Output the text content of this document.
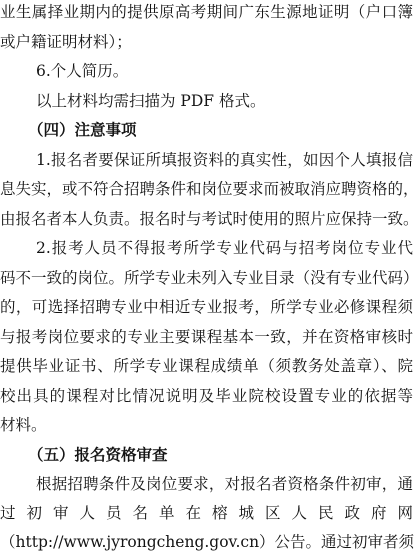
业生属择业期内的提供原高考期间广东生源地证明（户口簿
或户籍证明材料）；
6.个人简历。
以上材料均需扫描为 PDF 格式。
（四）注意事项
1.报名者要保证所填报资料的真实性，如因个人填报信
息失实，或不符合招聘条件和岗位要求而被取消应聘资格的，
由报名者本人负责。报名时与考试时使用的照片应保持一致。
2.报考人员不得报考所学专业代码与招考岗位专业代
码不一致的岗位。所学专业未列入专业目录（没有专业代码）
的，可选择招聘专业中相近专业报考，所学专业必修课程须
与报考岗位要求的专业主要课程基本一致，并在资格审核时
提供毕业证书、所学专业课程成绩单（须教务处盖章）、院
校出具的课程对比情况说明及毕业院校设置专业的依据等
材料。
（五）报名资格审查
根据招聘条件及岗位要求，对报名者资格条件初审，通
过 初 审 人 员 名 单 在 榕 城 区 人 民 政 府 网
（http://www.jyrongcheng.gov.cn）公告。通过初审者须
